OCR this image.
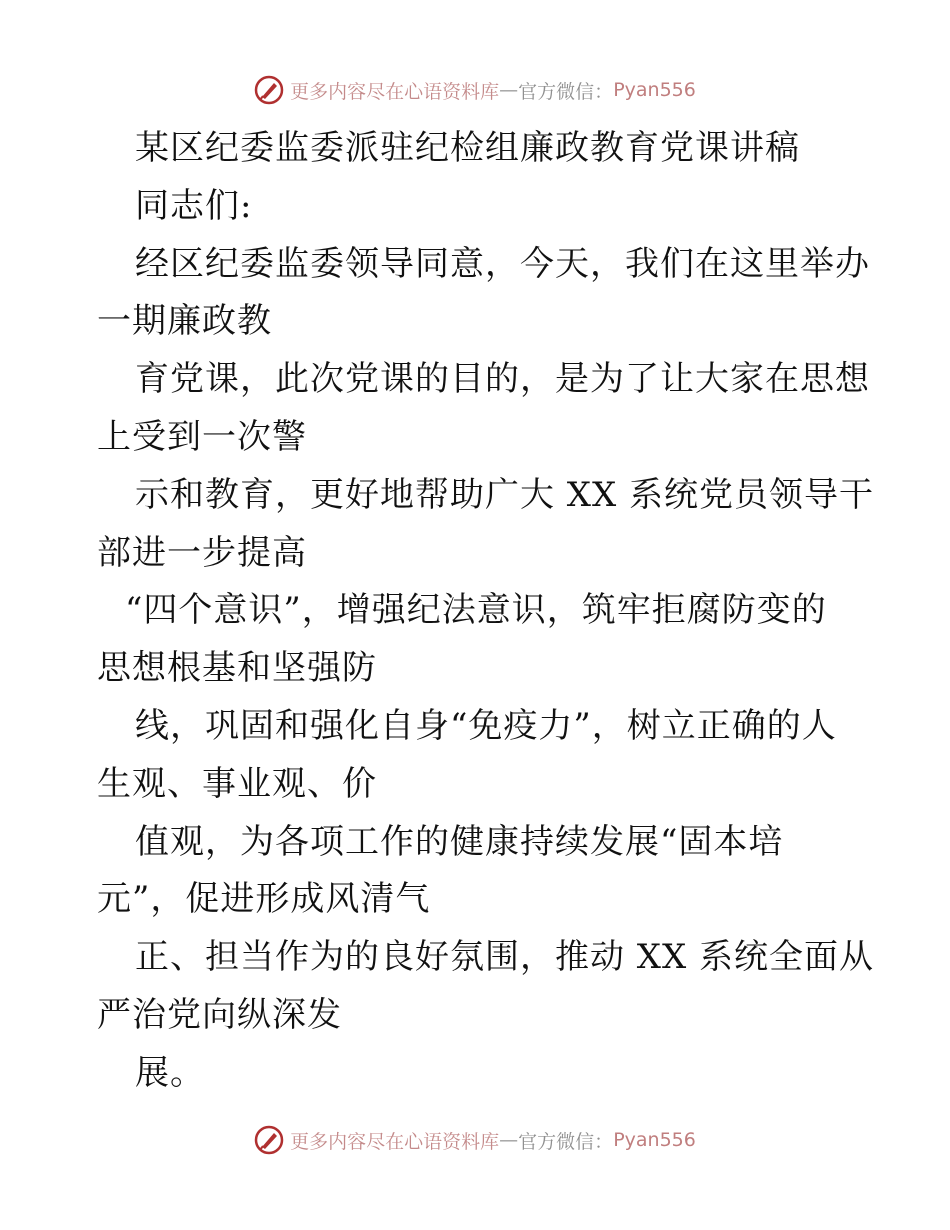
更多内容尽在心语资料库 — 官方微信： Pyan556
某区纪委监委派驻纪检组廉政教育党课讲稿
同志们:
经区纪委监委领导同意，今天，我们在这里举办
一期廉政教
育党课，此次党课的目的，是为了让大家在思想
上受到一次警
示和教育，更好地帮助广大 XX 系统党员领导干
部进一步提高
“四个意识”，增强纪法意识，筑牢拒腐防变的
思想根基和坚强防
线，巩固和强化自身“免疫力”，树立正确的人
生观、事业观、价
值观，为各项工作的健康持续发展“固本培
元”，促进形成风清气
正、担当作为的良好氛围，推动 XX 系统全面从
严治党向纵深发
展。
更多内容尽在心语资料库 — 官方微信： Pyan556
